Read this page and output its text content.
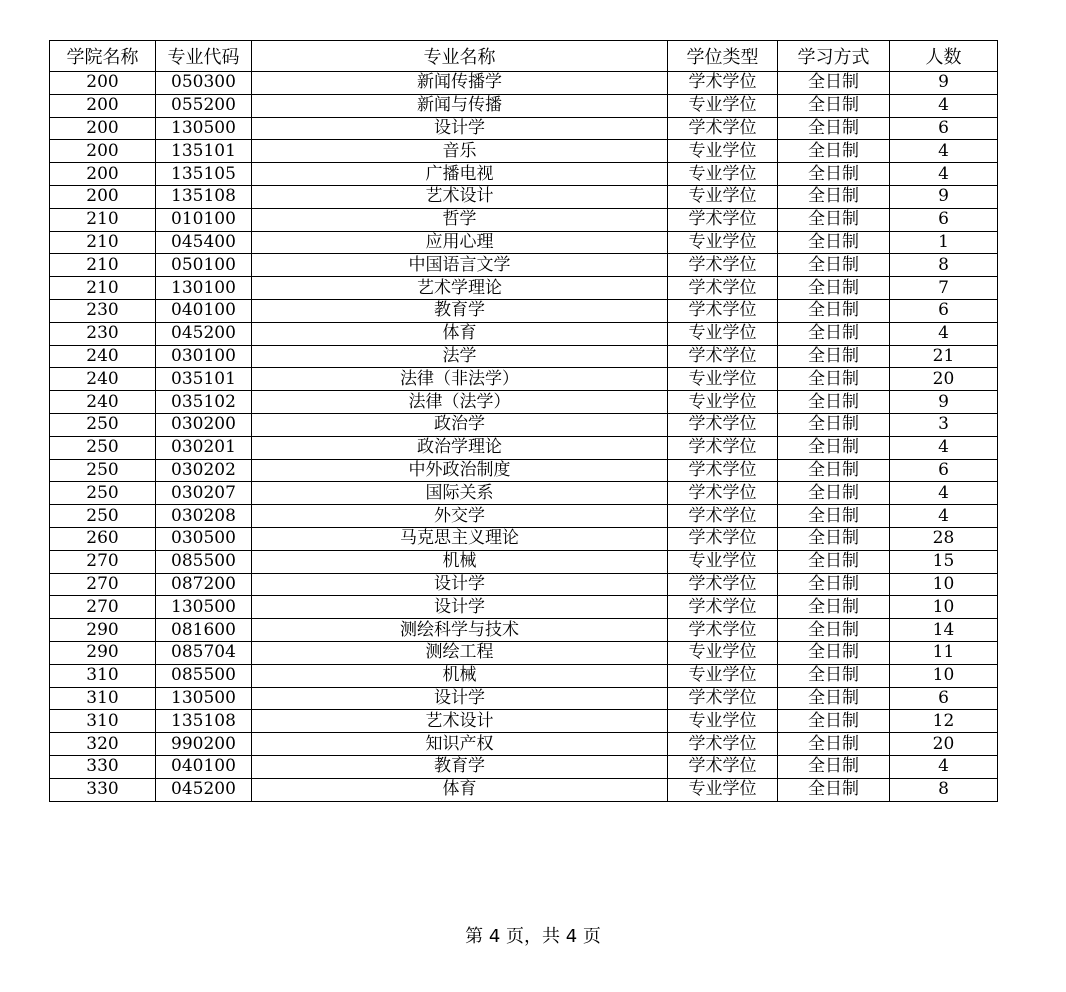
学院名称	专业代码	专业名称	学位类型	学习方式	人数
200	050300	新闻传播学	学术学位	全日制	9
200	055200	新闻与传播	专业学位	全日制	4
200	130500	设计学	学术学位	全日制	6
200	135101	音乐	专业学位	全日制	4
200	135105	广播电视	专业学位	全日制	4
200	135108	艺术设计	专业学位	全日制	9
210	010100	哲学	学术学位	全日制	6
210	045400	应用心理	专业学位	全日制	1
210	050100	中国语言文学	学术学位	全日制	8
210	130100	艺术学理论	学术学位	全日制	7
230	040100	教育学	学术学位	全日制	6
230	045200	体育	专业学位	全日制	4
240	030100	法学	学术学位	全日制	21
240	035101	法律（非法学）	专业学位	全日制	20
240	035102	法律（法学）	专业学位	全日制	9
250	030200	政治学	学术学位	全日制	3
250	030201	政治学理论	学术学位	全日制	4
250	030202	中外政治制度	学术学位	全日制	6
250	030207	国际关系	学术学位	全日制	4
250	030208	外交学	学术学位	全日制	4
260	030500	马克思主义理论	学术学位	全日制	28
270	085500	机械	专业学位	全日制	15
270	087200	设计学	学术学位	全日制	10
270	130500	设计学	学术学位	全日制	10
290	081600	测绘科学与技术	学术学位	全日制	14
290	085704	测绘工程	专业学位	全日制	11
310	085500	机械	专业学位	全日制	10
310	130500	设计学	学术学位	全日制	6
310	135108	艺术设计	专业学位	全日制	12
320	990200	知识产权	学术学位	全日制	20
330	040100	教育学	学术学位	全日制	4
330	045200	体育	专业学位	全日制	8
第 4 页，共 4 页
